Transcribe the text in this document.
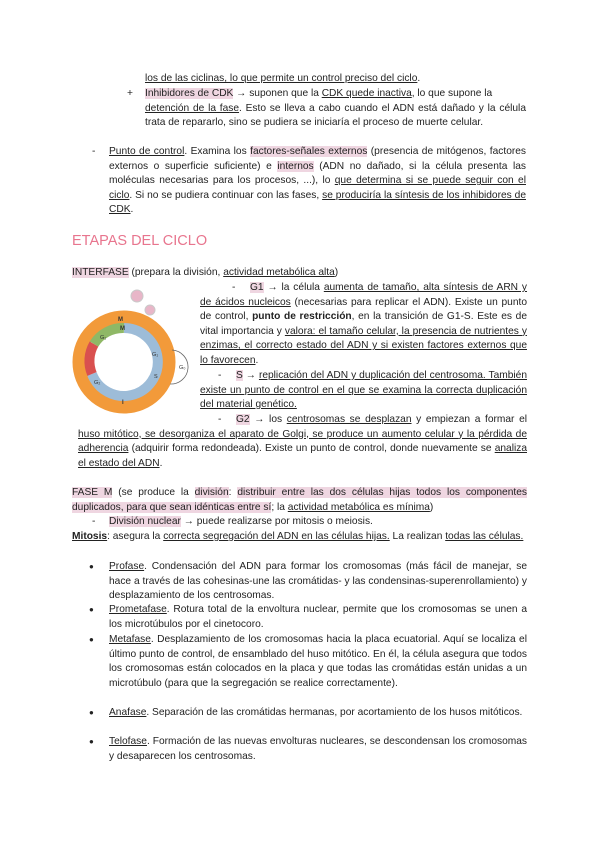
los de las ciclinas, lo que permite un control preciso del ciclo.
+ Inhibidores de CDK → suponen que la CDK quede inactiva, lo que supone la
detención de la fase. Esto se lleva a cabo cuando el ADN está dañado y la célula trata de repararlo, sino se pudiera se iniciaría el proceso de muerte celular.
- Punto de control. Examina los factores-señales externos (presencia de mitógenos, factores externos o superficie suficiente) e internos (ADN no dañado, si la célula presenta las moléculas necesarias para los procesos, ...), lo que determina si se puede seguir con el ciclo. Si no se pudiera continuar con las fases, se produciría la síntesis de los inhibidores de CDK.
ETAPAS DEL CICLO
INTERFASE (prepara la división, actividad metabólica alta)
M
M
G₁
G₁
S
G₂
I
G₀
-	G1 → la célula aumenta de tamaño, alta síntesis de ARN y de ácidos nucleicos (necesarias para replicar el ADN). Existe un punto de control, punto de restricción, en la transición de G1-S. Este es de vital importancia y valora: el tamaño celular, la presencia de nutrientes y enzimas, el correcto estado del ADN y si existen factores externos que lo favorecen.
-	S → replicación del ADN y duplicación del centrosoma. También existe un punto de control en el que se examina la correcta duplicación del material genético.
-	G2 → los centrosomas se desplazan y empiezan a formar el huso mitótico, se desorganiza el aparato de Golgi, se produce un aumento celular y la pérdida de adherencia (adquirir forma redondeada). Existe un punto de control, donde nuevamente se analiza el estado del ADN.
FASE M (se produce la división: distribuir entre las dos células hijas todos los componentes duplicados, para que sean idénticas entre sí; la actividad metabólica es mínima)
- División nuclear → puede realizarse por mitosis o meiosis.
Mitosis: asegura la correcta segregación del ADN en las células hijas. La realizan todas las células.
● Profase. Condensación del ADN para formar los cromosomas (más fácil de manejar, se hace a través de las cohesinas-une las cromátidas- y las condensinas-superenrollamiento) y desplazamiento de los centrosomas.
● Prometafase. Rotura total de la envoltura nuclear, permite que los cromosomas se unen a los microtúbulos por el cinetocoro.
● Metafase. Desplazamiento de los cromosomas hacia la placa ecuatorial. Aquí se localiza el último punto de control, de ensamblado del huso mitótico. En él, la célula asegura que todos los cromosomas están colocados en la placa y que todas las cromátidas están unidas a un microtúbulo (para que la segregación se realice correctamente).
● Anafase. Separación de las cromátidas hermanas, por acortamiento de los husos mitóticos.
● Telofase. Formación de las nuevas envolturas nucleares, se descondensan los cromosomas y desaparecen los centrosomas.
